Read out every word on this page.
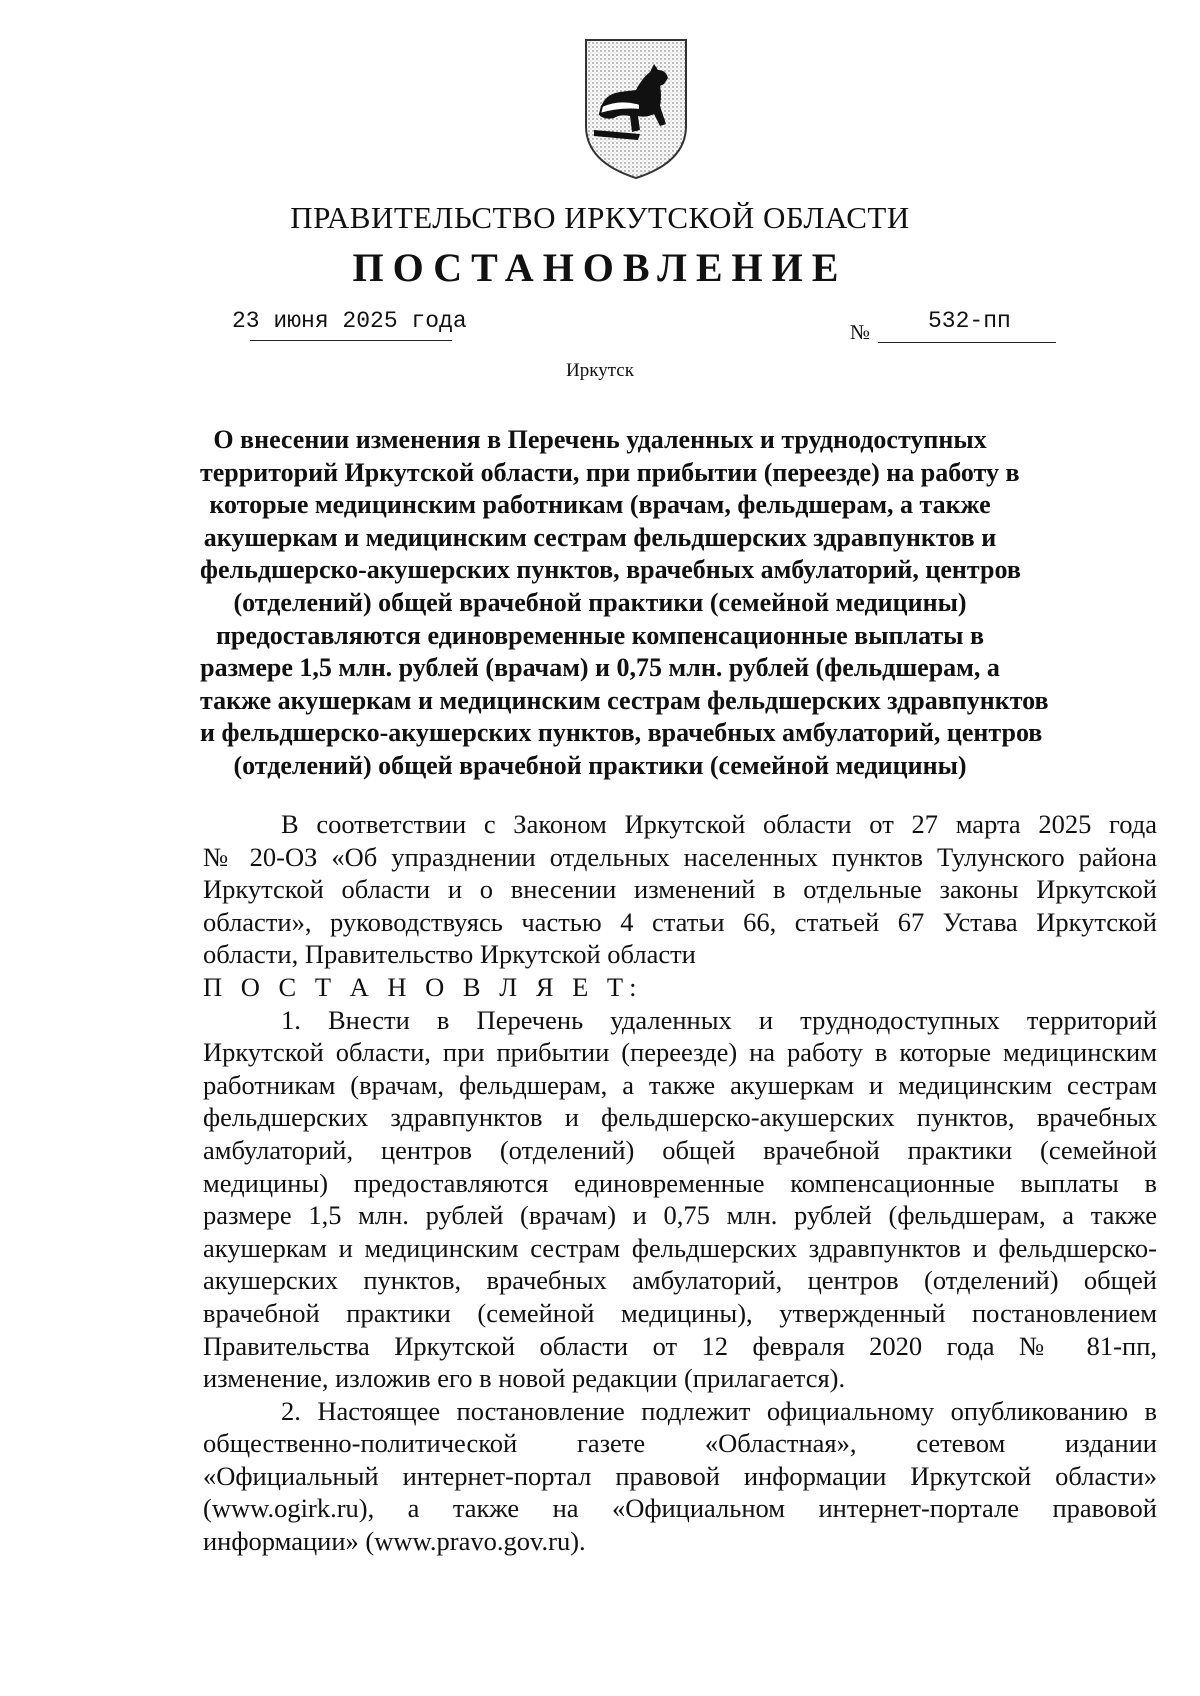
ПРАВИТЕЛЬСТВО ИРКУТСКОЙ ОБЛАСТИ
ПОСТАНОВЛЕНИЕ
23 июня 2025 года	№	532-пп
Иркутск
О внесении изменения в Перечень удаленных и труднодоступных
территорий Иркутской области, при прибытии (переезде) на работу в
которые медицинским работникам (врачам, фельдшерам, а также
акушеркам и медицинским сестрам фельдшерских здравпунктов и
фельдшерско-акушерских пунктов, врачебных амбулаторий, центров
(отделений) общей врачебной практики (семейной медицины)
предоставляются единовременные компенсационные выплаты в
размере 1,5 млн. рублей (врачам) и 0,75 млн. рублей (фельдшерам, а
также акушеркам и медицинским сестрам фельдшерских здравпунктов
и фельдшерско-акушерских пунктов, врачебных амбулаторий, центров
(отделений) общей врачебной практики (семейной медицины)
В соответствии с Законом Иркутской области от 27 марта 2025 года
№ 20-ОЗ «Об упразднении отдельных населенных пунктов Тулунского района
Иркутской области и о внесении изменений в отдельные законы Иркутской
области», руководствуясь частью 4 статьи 66, статьей 67 Устава Иркутской
области, Правительство Иркутской области
П О С Т А Н О В Л Я Е Т:
1. Внести в Перечень удаленных и труднодоступных территорий
Иркутской области, при прибытии (переезде) на работу в которые медицинским
работникам (врачам, фельдшерам, а также акушеркам и медицинским сестрам
фельдшерских здравпунктов и фельдшерско-акушерских пунктов, врачебных
амбулаторий, центров (отделений) общей врачебной практики (семейной
медицины) предоставляются единовременные компенсационные выплаты в
размере 1,5 млн. рублей (врачам) и 0,75 млн. рублей (фельдшерам, а также
акушеркам и медицинским сестрам фельдшерских здравпунктов и фельдшерско-
акушерских пунктов, врачебных амбулаторий, центров (отделений) общей
врачебной практики (семейной медицины), утвержденный постановлением
Правительства Иркутской области от 12 февраля 2020 года № 81-пп,
изменение, изложив его в новой редакции (прилагается).
2. Настоящее постановление подлежит официальному опубликованию в
общественно-политической газете «Областная», сетевом издании
«Официальный интернет-портал правовой информации Иркутской области»
(www.ogirk.ru), а также на «Официальном интернет-портале правовой
информации» (www.pravo.gov.ru).
